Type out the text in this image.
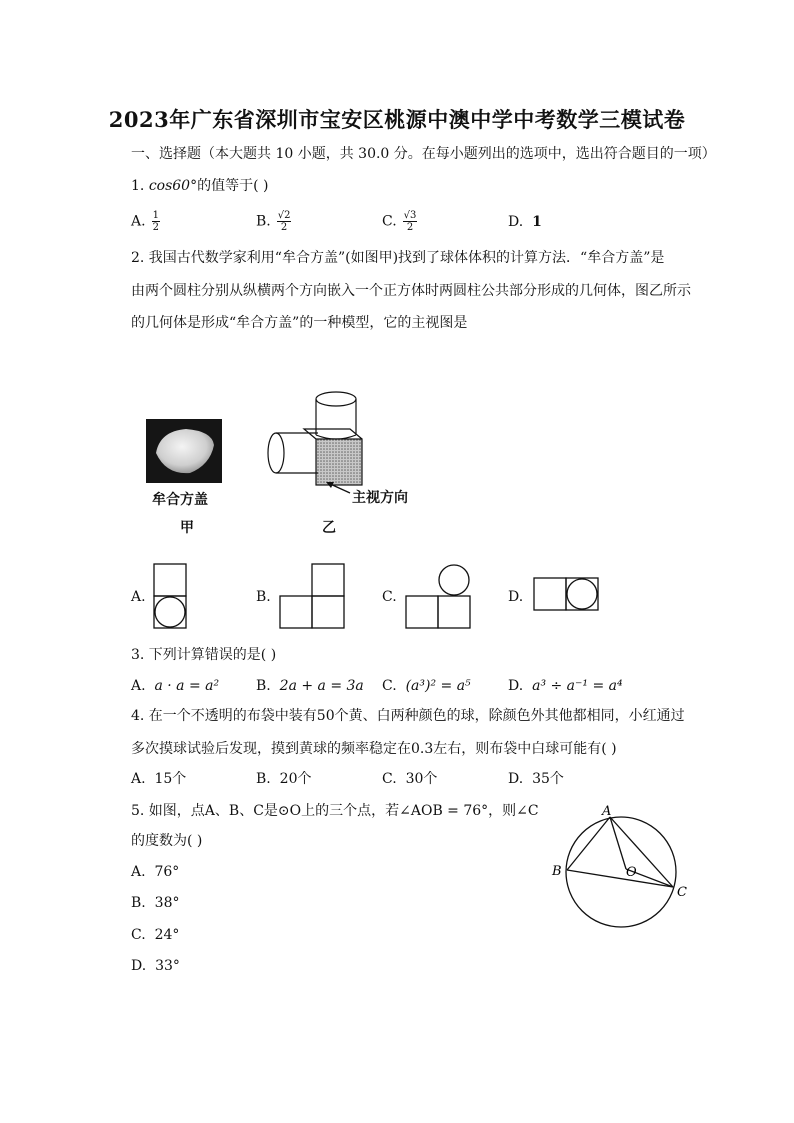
2023年广东省深圳市宝安区桃源中澳中学中考数学三模试卷
一、选择题（本大题共 10 小题，共 30.0 分。在每小题列出的选项中，选出符合题目的一项）
1. cos60°的值等于( )
A. $\frac{1}{2}$	B. $\frac{√2}{2}$	C. $\frac{√3}{2}$	D. 1
2. 我国古代数学家利用“牟合方盖”(如图甲)找到了球体体积的计算方法．“牟合方盖”是
由两个圆柱分别从纵横两个方向嵌入一个正方体时两圆柱公共部分形成的几何体，图乙所示
的几何体是形成“牟合方盖”的一种模型，它的主视图是
牟合方盖
甲
主视方向
乙
A.	B.	C.	D.
3. 下列计算错误的是( )
A. a · a = a²	B. 2a + a = 3a C. (a³)² = a⁵	D. a³ ÷ a⁻¹ = a⁴
4. 在一个不透明的布袋中装有50个黄、白两种颜色的球，除颜色外其他都相同，小红通过
多次摸球试验后发现，摸到黄球的频率稳定在0.3左右，则布袋中白球可能有( )
A. 15个	B. 20个	C. 30个	D. 35个
5. 如图，点A、B、C是⊙O上的三个点，若∠AOB = 76°，则∠C
的度数为( )
A. 76°
B. 38°
C. 24°
D. 33°
A
B
C
O
